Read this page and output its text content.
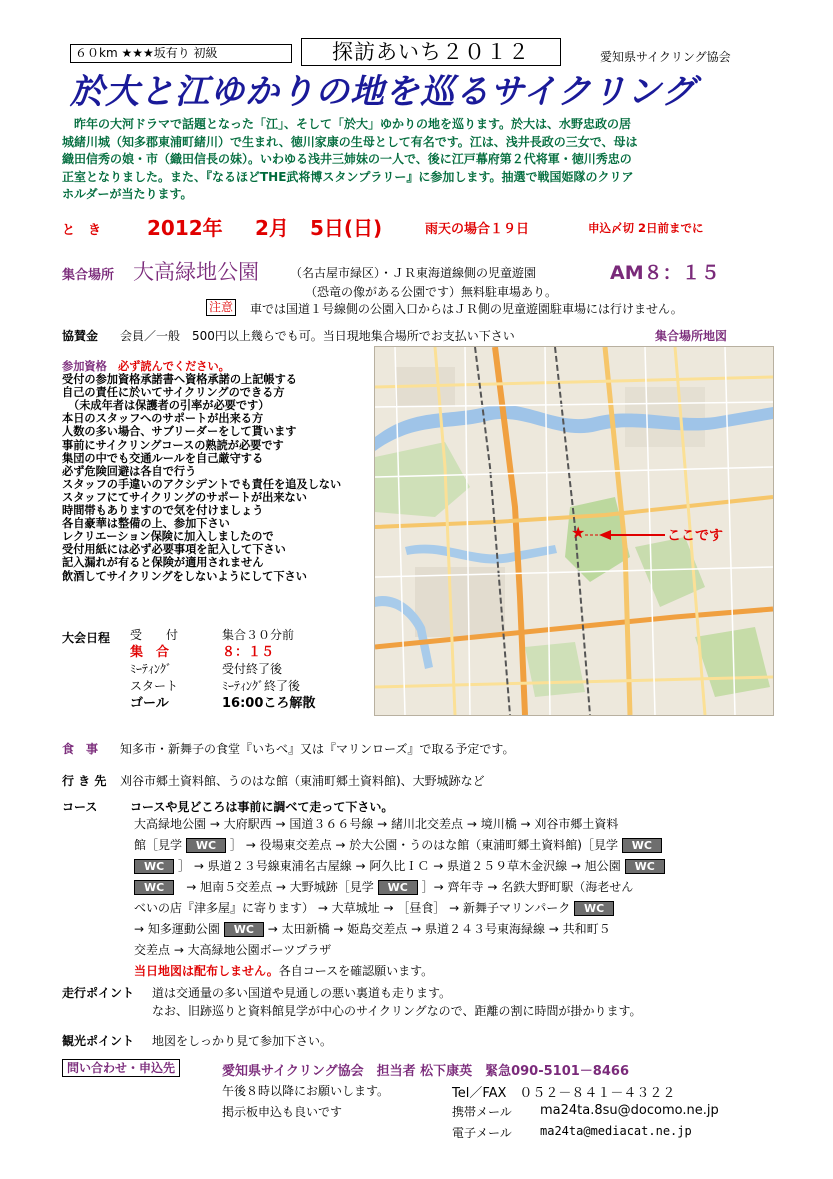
６０km ★★★坂有り 初級	探訪あいち２０１２	愛知県サイクリング協会
於大と江ゆかりの地を巡るサイクリング
昨年の大河ドラマで話題となった「江」、そして「於大」ゆかりの地を巡ります。於大は、水野忠政の居
城緒川城（知多郡東浦町緒川）で生まれ、徳川家康の生母として有名です。江は、浅井長政の三女で、母は
織田信秀の娘・市（織田信長の妹）。いわゆる浅井三姉妹の一人で、後に江戸幕府第２代将軍・徳川秀忠の
正室となりました。また、『なるほどTHE武将博スタンプラリー』に参加します。抽選で戦国姫隊のクリア
ホルダーが当たります。
と　き 2012年 2月 5日(日)	雨天の場合１９日	申込〆切 2日前までに
集合場所 大高緑地公園	（名古屋市緑区）・ＪＲ東海道線側の児童遊園	AM８：１５
（恐竜の像がある公園です）無料駐車場あり。
注意 車では国道１号線側の公園入口からはＪＲ側の児童遊園駐車場には行けません。
協賛金 会員／一般　500円以上幾らでも可。当日現地集合場所でお支払い下さい	集合場所地図
参加資格　 必ず読んでください。
受付の参加資格承諾書へ資格承諾の上記帳する
自己の責任に於いてサイクリングのできる方
（未成年者は保護者の引率が必要です）
本日のスタッフへのサポートが出来る方
人数の多い場合、サブリーダーをして貰います
事前にサイクリングコースの熟読が必要です
集団の中でも交通ルールを自己厳守する
必ず危険回避は各自で行う
スタッフの手違いのアクシデントでも責任を追及しない
スタッフにてサイクリングのサポートが出来ない
時間帯もありますので気を付けましょう
各自豪華は整備の上、参加下さい
レクリエーション保険に加入しましたので
受付用紙には必ず必要事項を記入して下さい
記入漏れが有ると保険が適用されません
飲酒してサイクリングをしないようにして下さい
★	ここです
大会日程 受　　付	集合３０分前
集　合	８：１５
ﾐｰﾃｨﾝｸﾞ	受付終了後
スタート	ﾐｰﾃｨﾝｸﾞ終了後
ゴール	16:00ころ解散
食　事 知多市・新舞子の食堂『いちべ』又は『マリンローズ』で取る予定です。
行 き 先 刈谷市郷土資料館、うのはな館（東浦町郷土資料館)、大野城跡など
コース	コースや見どころは事前に調べて走って下さい。
大高緑地公園 → 大府駅西 → 国道３６６号線 → 緒川北交差点 → 境川橋 → 刈谷市郷土資料
館［見学 WC ］ → 役場東交差点 → 於大公園・うのはな館（東浦町郷土資料館)［見学 WC
WC ］ → 県道２３号線東浦名古屋線 → 阿久比ＩＣ → 県道２５９草木金沢線 → 旭公園 WC
WC　 → 旭南５交差点 → 大野城跡［見学 WC ］→ 齊年寺 → 名鉄大野町駅（海老せん
べいの店『津多屋』に寄ります） → 大草城址 → ［昼食］ → 新舞子マリンパーク WC
→ 知多運動公園 WC → 太田新橋 → 姫島交差点 → 県道２４３号東海緑線 → 共和町５
交差点 → 大高緑地公園ボーツプラザ
当日地図は配布しません。各自コースを確認願います。
走行ポイント 道は交通量の多い国道や見通しの悪い裏道も走ります。
なお、旧跡巡りと資料館見学が中心のサイクリングなので、距離の割に時間が掛かります。
観光ポイント 地図をしっかり見て参加下さい。
問い合わせ・申込先	愛知県サイクリング協会　担当者 松下康英　緊急090-5101－8466
午後８時以降にお願いします。	Tel／FAX　０５２－８４１－４３２２
掲示板申込も良いです	携帯メール ma24ta.8su@docomo.ne.jp
電子メール ma24ta@mediacat.ne.jp
